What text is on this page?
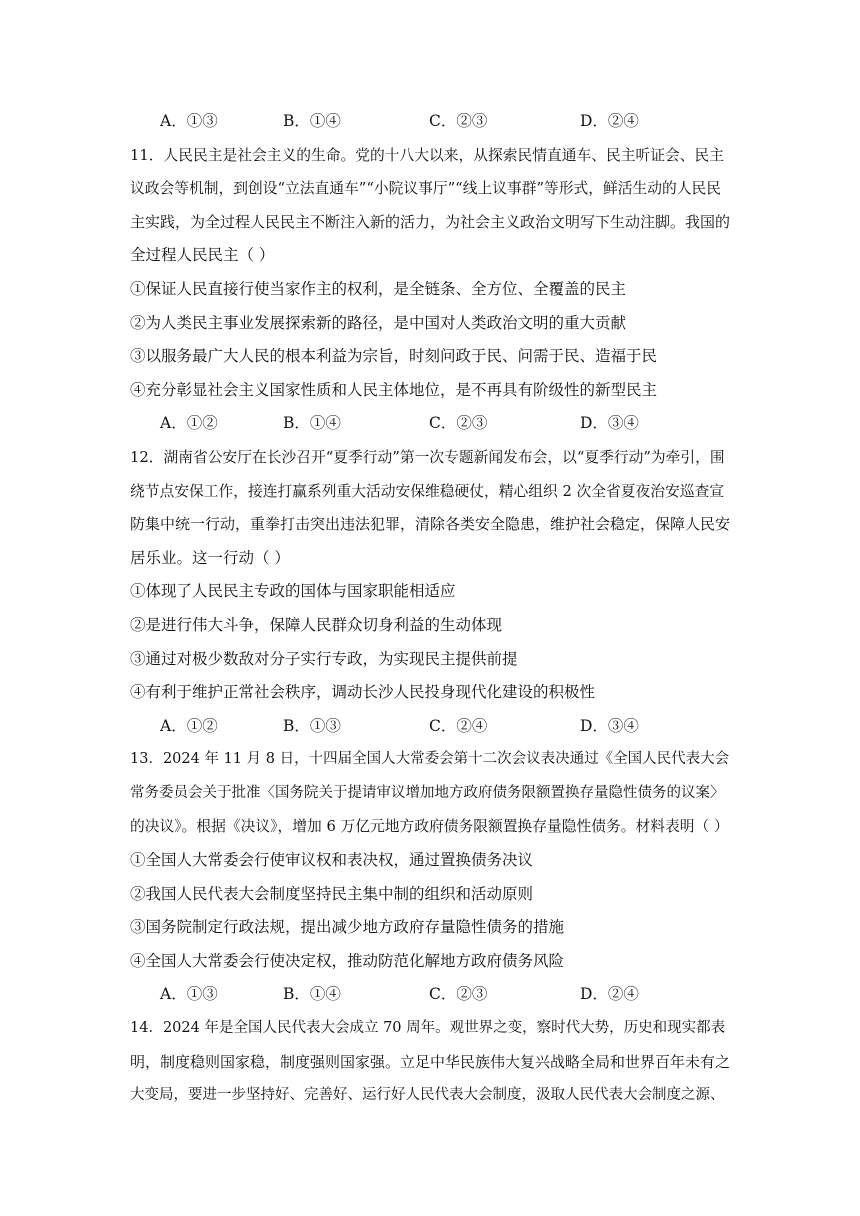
A．①③	B．①④	C．②③	D．②④
11．人民民主是社会主义的生命。党的十八大以来，从探索民情直通车、民主听证会、民主
议政会等机制，到创设“立法直通车”“小院议事厅”“线上议事群”等形式，鲜活生动的人民民
主实践，为全过程人民民主不断注入新的活力，为社会主义政治文明写下生动注脚。我国的
全过程人民民主（ ）
①保证人民直接行使当家作主的权利，是全链条、全方位、全覆盖的民主
②为人类民主事业发展探索新的路径，是中国对人类政治文明的重大贡献
③以服务最广大人民的根本利益为宗旨，时刻问政于民、问需于民、造福于民
④充分彰显社会主义国家性质和人民主体地位，是不再具有阶级性的新型民主
A．①②	B．①④	C．②③	D．③④
12．湖南省公安厅在长沙召开“夏季行动”第一次专题新闻发布会，以“夏季行动”为牵引，围
绕节点安保工作，接连打赢系列重大活动安保维稳硬仗，精心组织 2 次全省夏夜治安巡查宣
防集中统一行动，重拳打击突出违法犯罪，清除各类安全隐患，维护社会稳定，保障人民安
居乐业。这一行动（ ）
①体现了人民民主专政的国体与国家职能相适应
②是进行伟大斗争，保障人民群众切身利益的生动体现
③通过对极少数敌对分子实行专政，为实现民主提供前提
④有利于维护正常社会秩序，调动长沙人民投身现代化建设的积极性
A．①②	B．①③	C．②④	D．③④
13．2024 年 11 月 8 日，十四届全国人大常委会第十二次会议表决通过《全国人民代表大会
常务委员会关于批准〈国务院关于提请审议增加地方政府债务限额置换存量隐性债务的议案〉
的决议》。根据《决议》，增加 6 万亿元地方政府债务限额置换存量隐性债务。材料表明（ ）
①全国人大常委会行使审议权和表决权，通过置换债务决议
②我国人民代表大会制度坚持民主集中制的组织和活动原则
③国务院制定行政法规，提出减少地方政府存量隐性债务的措施
④全国人大常委会行使决定权，推动防范化解地方政府债务风险
A．①③	B．①④	C．②③	D．②④
14．2024 年是全国人民代表大会成立 70 周年。观世界之变，察时代大势，历史和现实都表
明，制度稳则国家稳，制度强则国家强。立足中华民族伟大复兴战略全局和世界百年未有之
大变局，要进一步坚持好、完善好、运行好人民代表大会制度，汲取人民代表大会制度之源、
